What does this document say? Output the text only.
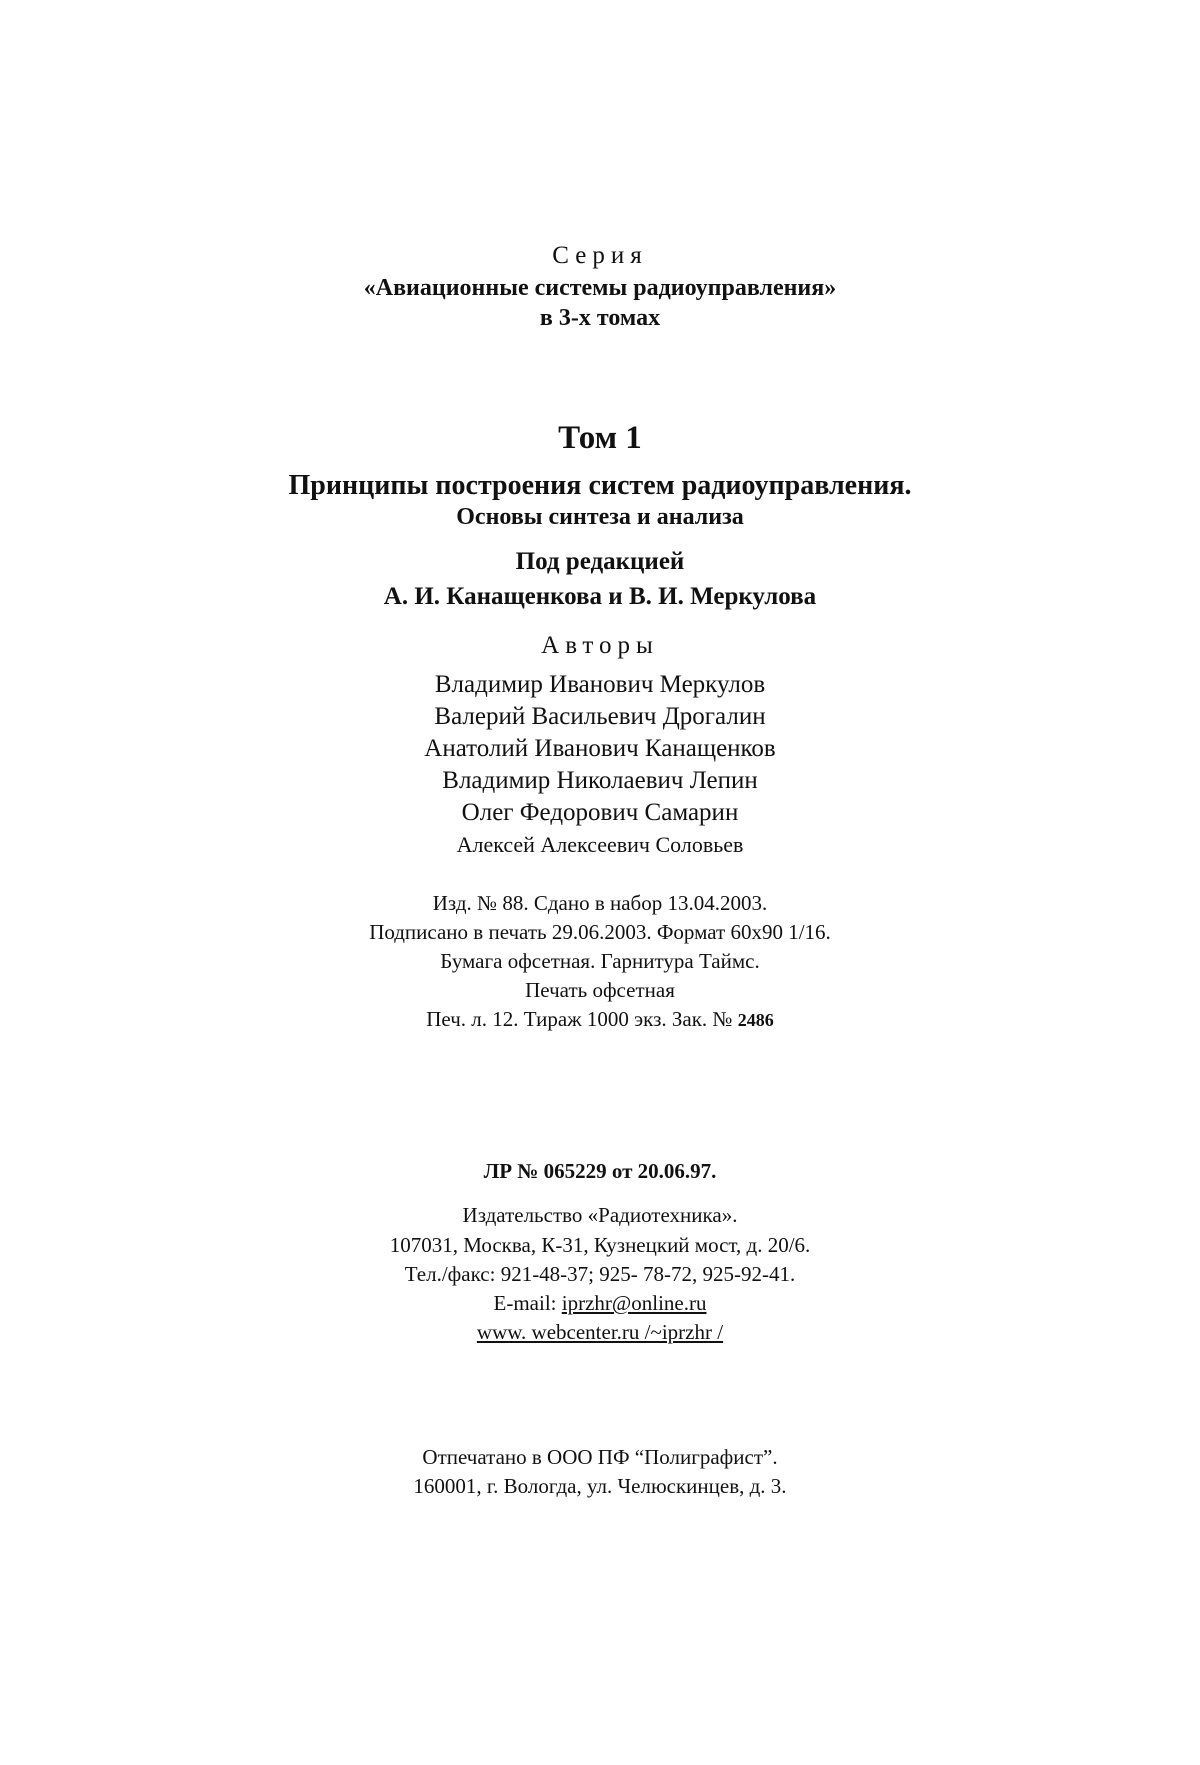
Серия
«Авиационные системы радиоуправления»
в 3-х томах
Том 1
Принципы построения систем радиоуправления.
Основы синтеза и анализа
Под редакцией
А. И. Канащенкова и В. И. Меркулова
Авторы
Владимир Иванович Меркулов
Валерий Васильевич Дрогалин
Анатолий Иванович Канащенков
Владимир Николаевич Лепин
Олег Федорович Самарин
Алексей Алексеевич Соловьев
Изд. № 88. Сдано в набор 13.04.2003.
Подписано в печать 29.06.2003. Формат 60x90 1/16.
Бумага офсетная. Гарнитура Таймс.
Печать офсетная
Печ. л. 12. Тираж 1000 экз. Зак. № 2486
ЛР № 065229 от 20.06.97.
Издательство «Радиотехника».
107031, Москва, К-31, Кузнецкий мост, д. 20/6.
Тел./факс: 921-48-37; 925- 78-72, 925-92-41.
E-mail: iprzhr@online.ru
www. webcenter.ru /~iprzhr /
Отпечатано в ООО ПФ “Полиграфист”.
160001, г. Вологда, ул. Челюскинцев, д. 3.
